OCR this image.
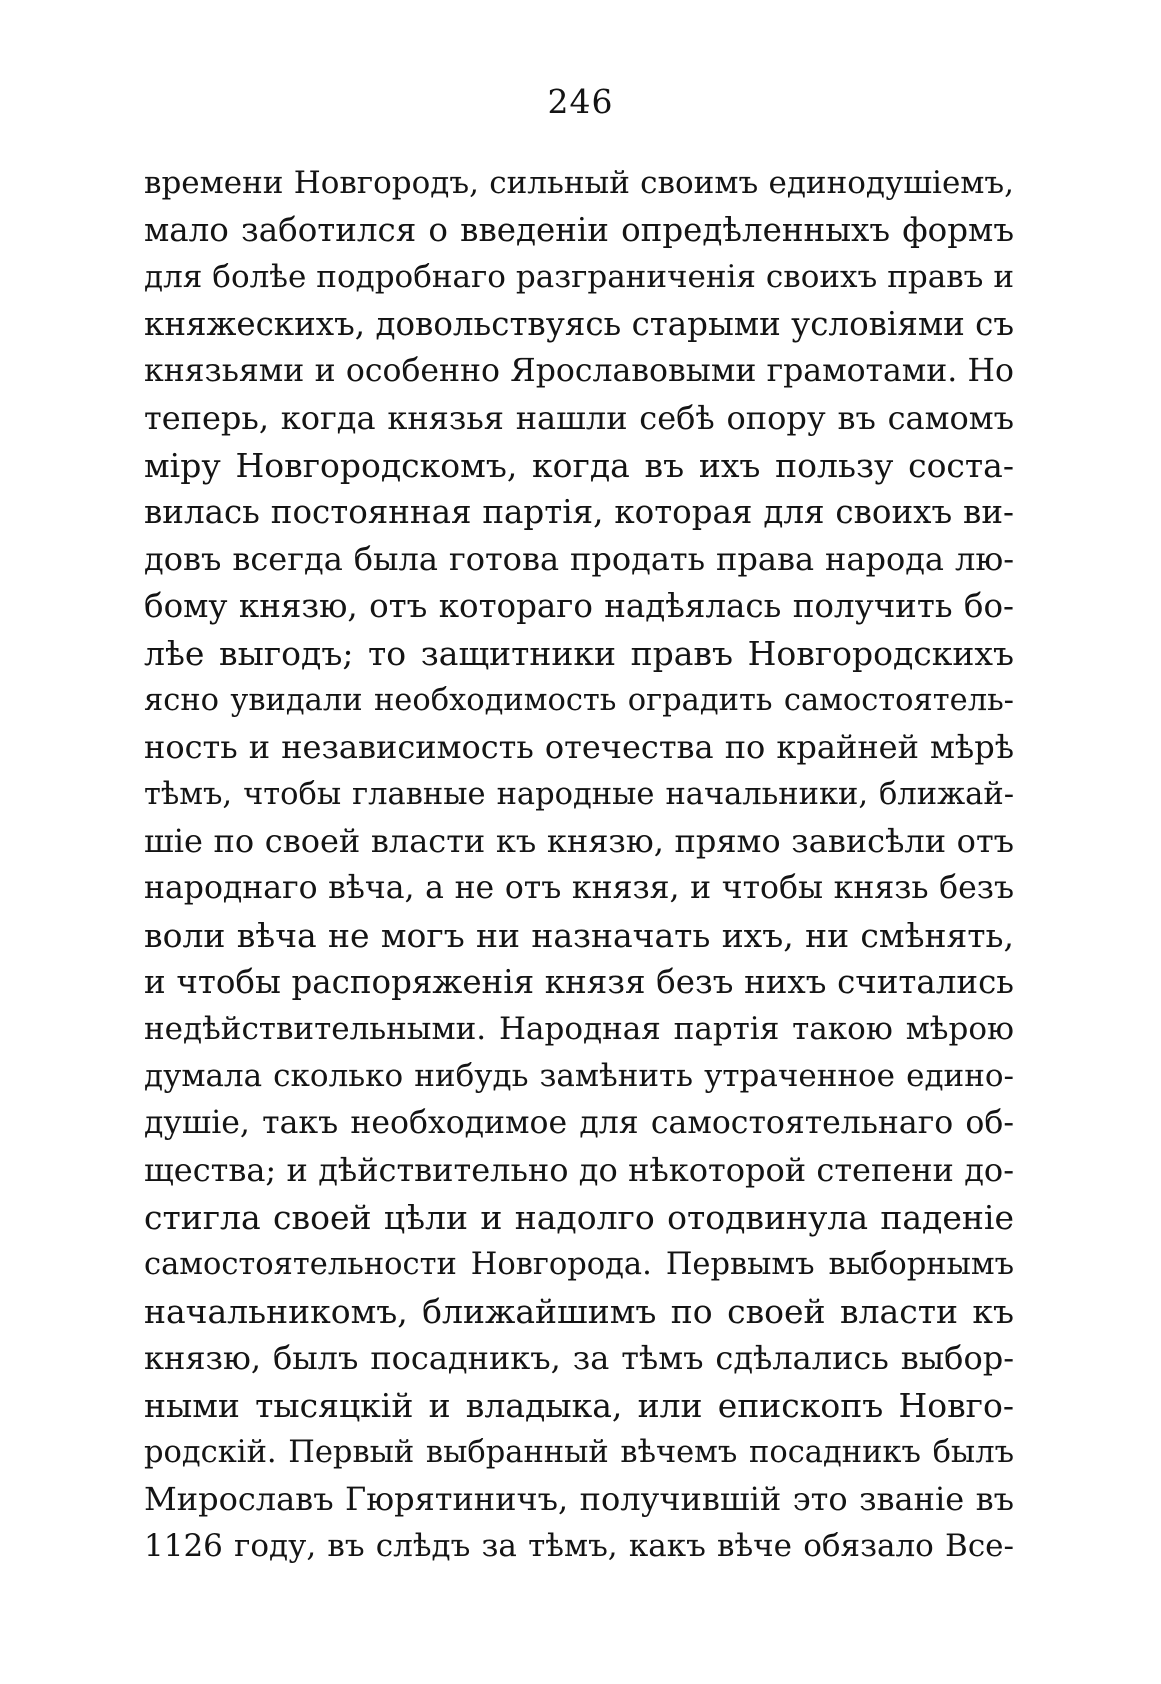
246
времени Новгородъ, сильный своимъ единодушiемъ,
мало заботился о введенiи опредѣленныхъ формъ
для болѣе подробнаго разграниченiя своихъ правъ и
княжескихъ, довольствуясь старыми условiями съ
князьями и особенно Ярославовыми грамотами. Но
теперь, когда князья нашли себѣ опору въ самомъ
мiру Новгородскомъ, когда въ ихъ пользу соста-
вилась постоянная партiя, которая для своихъ ви-
довъ всегда была готова продать права народа лю-
бому князю, отъ котораго надѣялась получить бо-
лѣе выгодъ; то защитники правъ Новгородскихъ
ясно увидали необходимость оградить самостоятель-
ность и независимость отечества по крайней мѣрѣ
тѣмъ, чтобы главные народные начальники, ближай-
шiе по своей власти къ князю, прямо зависѣли отъ
народнаго вѣча, а не отъ князя, и чтобы князь безъ
воли вѣча не могъ ни назначать ихъ, ни смѣнять,
и чтобы распоряженiя князя безъ нихъ считались
недѣйствительными. Народная партiя такою мѣрою
думала сколько нибудь замѣнить утраченное едино-
душiе, такъ необходимое для самостоятельнаго об-
щества; и дѣйствительно до нѣкоторой степени до-
стигла своей цѣли и надолго отодвинула паденiе
самостоятельности Новгорода. Первымъ выборнымъ
начальникомъ, ближайшимъ по своей власти къ
князю, былъ посадникъ, за тѣмъ сдѣлались выбор-
ными тысяцкiй и владыка, или епископъ Новго-
родскiй. Первый выбранный вѣчемъ посадникъ былъ
Мирославъ Гюрятиничъ, получившiй это званiе въ
1126 году, въ слѣдъ за тѣмъ, какъ вѣче обязало Все-
